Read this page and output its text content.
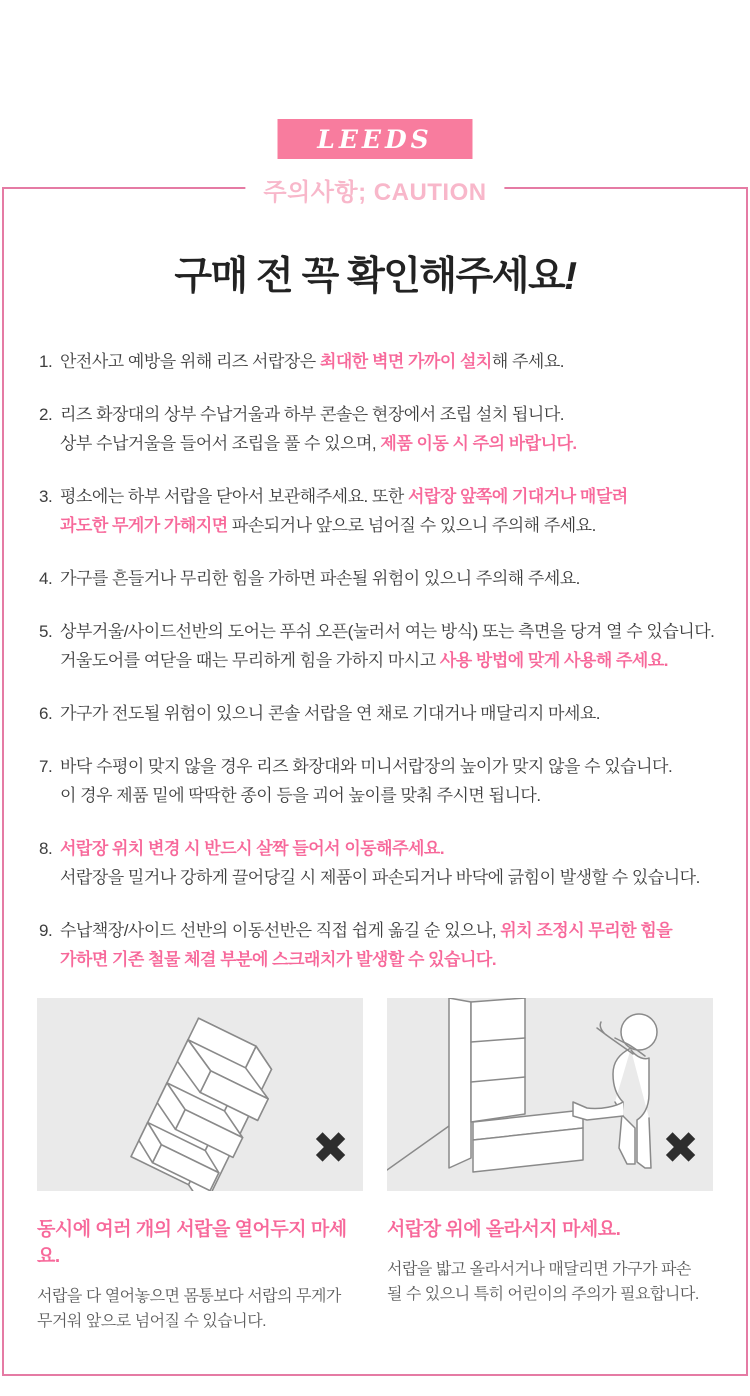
LEEDS
주의사항; CAUTION
구매 전 꼭 확인해주세요!
1. 안전사고 예방을 위해 리즈 서랍장은 최대한 벽면 가까이 설치해 주세요.
2. 리즈 화장대의 상부 수납거울과 하부 콘솔은 현장에서 조립 설치 됩니다.
상부 수납거울을 들어서 조립을 풀 수 있으며, 제품 이동 시 주의 바랍니다.
3. 평소에는 하부 서랍을 닫아서 보관해주세요. 또한 서랍장 앞쪽에 기대거나 매달려
과도한 무게가 가해지면 파손되거나 앞으로 넘어질 수 있으니 주의해 주세요.
4. 가구를 흔들거나 무리한 힘을 가하면 파손될 위험이 있으니 주의해 주세요.
5. 상부거울/사이드선반의 도어는 푸쉬 오픈(눌러서 여는 방식) 또는 측면을 당겨 열 수 있습니다.
거울도어를 여닫을 때는 무리하게 힘을 가하지 마시고 사용 방법에 맞게 사용해 주세요.
6. 가구가 전도될 위험이 있으니 콘솔 서랍을 연 채로 기대거나 매달리지 마세요.
7. 바닥 수평이 맞지 않을 경우 리즈 화장대와 미니서랍장의 높이가 맞지 않을 수 있습니다.
이 경우 제품 밑에 딱딱한 종이 등을 괴어 높이를 맞춰 주시면 됩니다.
8. 서랍장 위치 변경 시 반드시 살짝 들어서 이동해주세요.
서랍장을 밀거나 강하게 끌어당길 시 제품이 파손되거나 바닥에 긁힘이 발생할 수 있습니다.
9. 수납책장/사이드 선반의 이동선반은 직접 쉽게 옮길 순 있으나, 위치 조정시 무리한 힘을
가하면 기존 철물 체결 부분에 스크래치가 발생할 수 있습니다.
✖	✖
동시에 여러 개의 서랍을 열어두지 마세요.
서랍을 다 열어놓으면 몸통보다 서랍의 무게가
무거워 앞으로 넘어질 수 있습니다.
서랍장 위에 올라서지 마세요.
서랍을 밟고 올라서거나 매달리면 가구가 파손
될 수 있으니 특히 어린이의 주의가 필요합니다.
